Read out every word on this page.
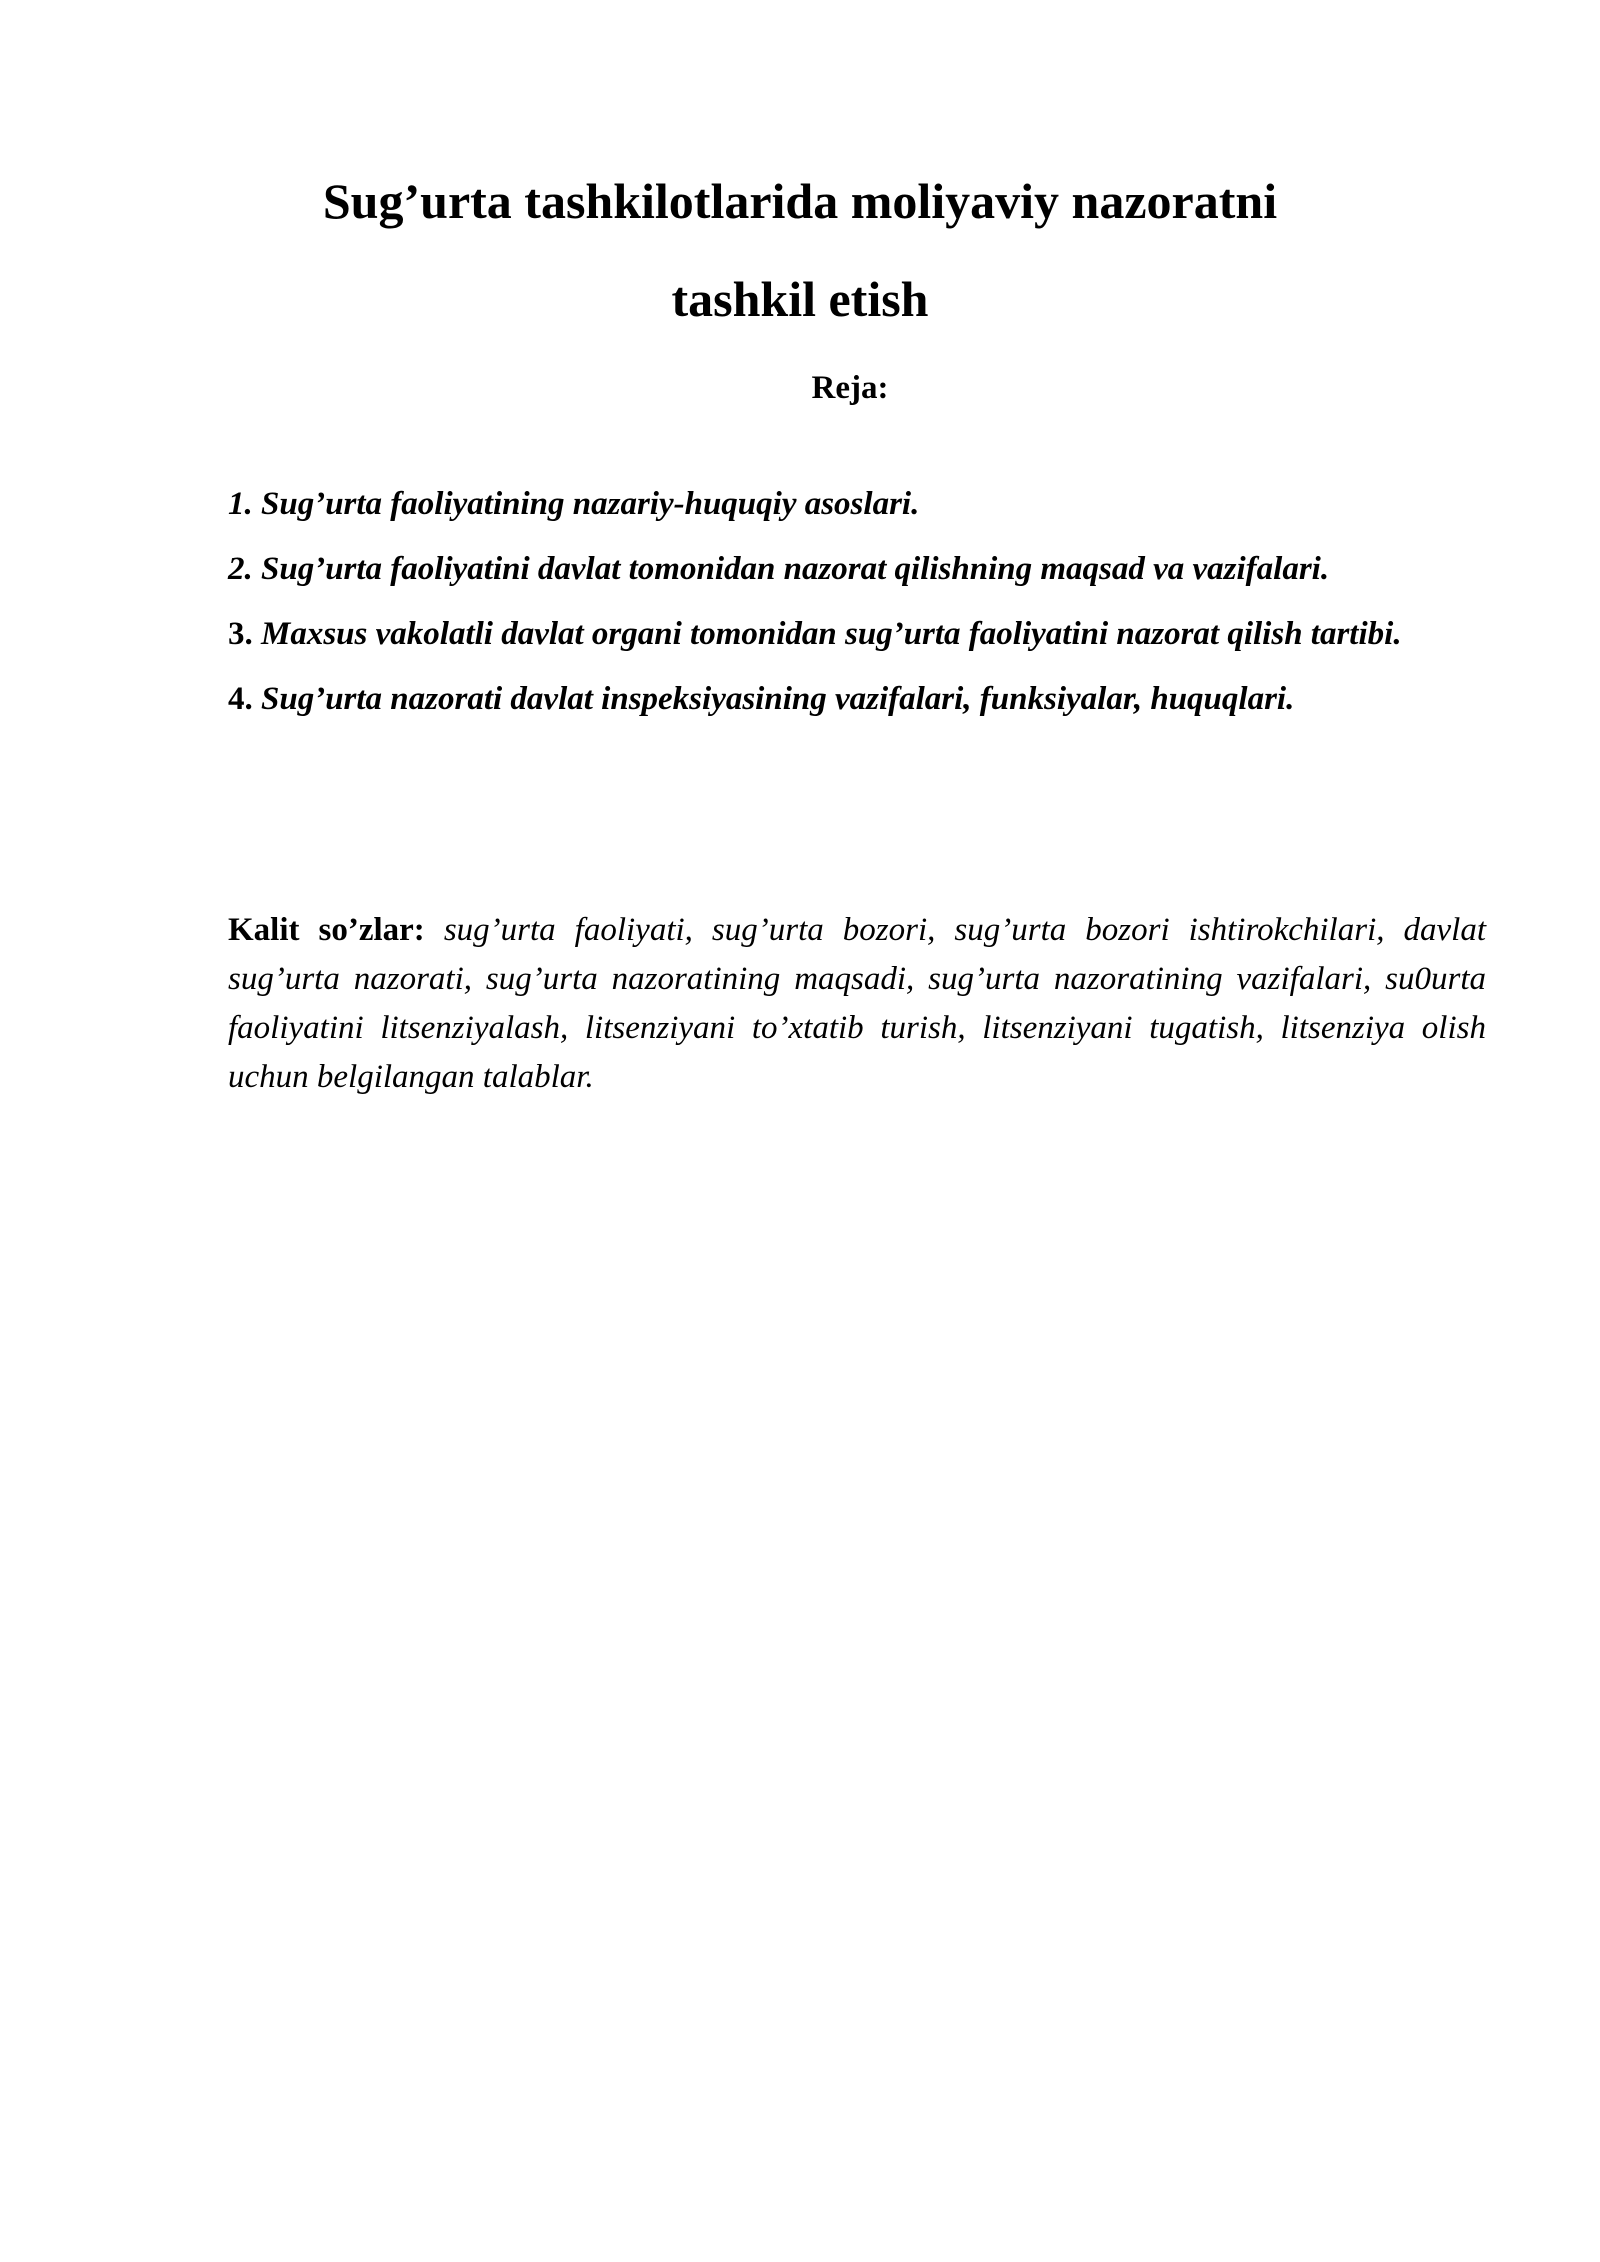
Sug’urta tashkilotlarida moliyaviy nazoratni
tashkil etish

Reja:

1. Sug’urta faoliyatining nazariy-huquqiy asoslari.
2. Sug’urta faoliyatini davlat tomonidan nazorat qilishning maqsad va vazifalari.
3. Maxsus vakolatli davlat organi tomonidan sug’urta faoliyatini nazorat qilish tartibi.
4. Sug’urta nazorati davlat inspeksiyasining vazifalari, funksiyalar, huquqlari.

Kalit so’zlar: sug’urta faoliyati, sug’urta bozori, sug’urta bozori ishtirokchilari, davlat sug’urta nazorati, sug’urta nazoratining maqsadi, sug’urta nazoratining vazifalari, su0urta faoliyatini litsenziyalash, litsenziyani to’xtatib turish, litsenziyani tugatish, litsenziya olish uchun belgilangan talablar.
